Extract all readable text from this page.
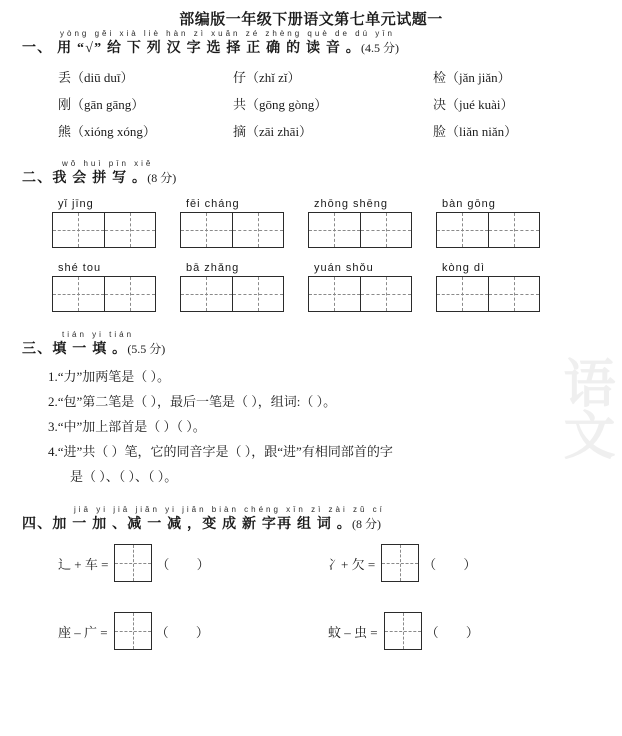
语文
部编版一年级下册语文第七单元试题一
yòng gěi xià liè hàn zì xuǎn zé zhèng què de dú yīn
一、 用 “√” 给 下 列 汉 字 选 择 正 确 的 读 音 。(4.5 分)
丢（diū duī）	仔（zhǐ zǐ）	检（jǎn jiǎn）
刚（gān gāng）	共（gōng gòng）	决（jué kuài）
熊（xióng xóng）	摘（zāi zhāi）	脸（liǎn niǎn）
wǒ huì pīn xiě
二、我 会 拼 写 。(8 分)
yǐ jīng	fēi cháng	zhōng shēng	bàn gōng
shé tou	bā zhǎng	yuán shǒu	kòng dì
tián yi tián
三、填 一 填 。(5.5 分)
1.“力”加两笔是（ ）。
2.“包”第二笔是（ ），最后一笔是（ ），组词:（ ）。
3.“中”加上部首是（ ）（ ）。
4.“进”共（ ）笔，它的同音字是（ ），跟“进”有相同部首的字
是（ ）、（ ）、（ ）。
jiā yi jiā jiǎn yi jiǎn biàn chéng xīn zì zài zǔ cí
四、加 一 加 、减 一 减 ，变 成 新 字再 组 词 。(8 分)
辶 + 车 =	（ ）	冫+ 欠 =	（ ）
座 – 广 =	（ ）	蚊 – 虫 =	（ ）
